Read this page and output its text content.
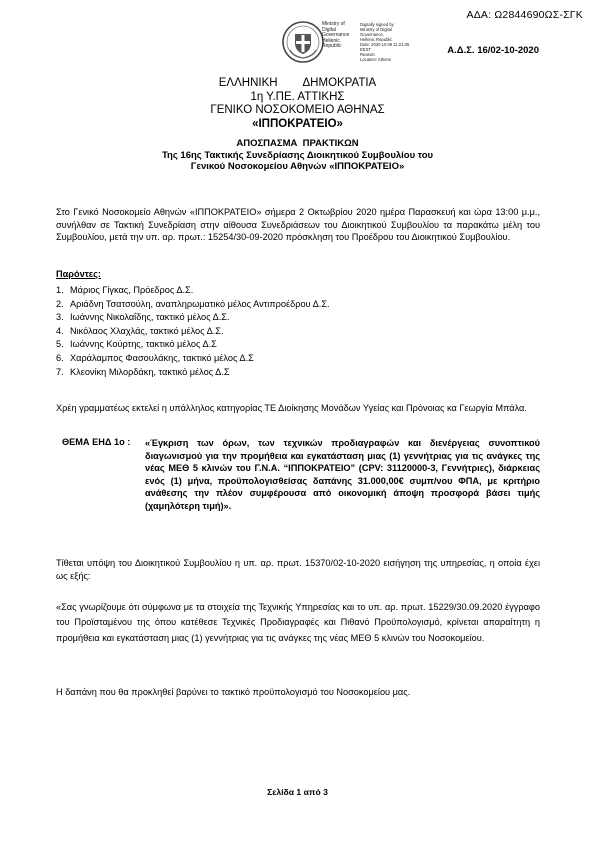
ΑΔΑ: Ω2844690ΩΣ-ΣΓΚ
Ministry of Digital
Governance
Hellenic Republic
Digitally signed by
Ministry of Digital
Governance,
Hellenic Republic
Date: 2020.10.09 11:21:35
EEST
Reason:
Location: Athens
Α.Δ.Σ. 16/02-10-2020
ΕΛΛΗΝΙΚΗ        ΔΗΜΟΚΡΑΤΙΑ
1η Υ.ΠΕ. ΑΤΤΙΚΗΣ
ΓΕΝΙΚΟ ΝΟΣΟΚΟΜΕΙΟ ΑΘΗΝΑΣ
«ΙΠΠΟΚΡΑΤΕΙΟ»
ΑΠΟΣΠΑΣΜΑ  ΠΡΑΚΤΙΚΩΝ
Της 16ης Τακτικής Συνεδρίασης Διοικητικού Συμβουλίου του
Γενικού Νοσοκομείου Αθηνών «ΙΠΠΟΚΡΑΤΕΙΟ»
Στο Γενικό Νοσοκομείο Αθηνών «ΙΠΠΟΚΡΑΤΕΙΟ» σήμερα 2 Οκτωβρίου 2020 ημέρα Παρασκευή και ώρα 13:00 μ.μ., συνήλθαν σε Τακτική Συνεδρίαση στην αίθουσα Συνεδριάσεων του Διοικητικού Συμβουλίου τα παρακάτω μέλη του Συμβουλίου, μετά την υπ. αρ. πρωτ.: 15254/30-09-2020 πρόσκληση του Προέδρου του Διοικητικού Συμβουλίου.
Παρόντες:
1. Μάριος Γίγκας, Πρόεδρος Δ.Σ.
2. Αριάδνη Τσατσούλη, αναπληρωματικό μέλος Αντιπροέδρου Δ.Σ.
3. Ιωάννης Νικολαΐδης, τακτικό μέλος Δ.Σ.
4. Νικόλαος Χλαχλάς, τακτικό μέλος Δ.Σ.
5. Ιωάννης Κούρτης, τακτικό μέλος Δ.Σ
6. Χαράλαμπος Φασουλάκης, τακτικό μέλος Δ.Σ
7. Κλεονίκη Μιλορδάκη, τακτικό μέλος Δ.Σ
Χρέη γραμματέως εκτελεί η υπάλληλος κατηγορίας ΤΕ Διοίκησης Μονάδων Υγείας και Πρόνοιας κα Γεωργία Μπάλα.
ΘΕΜΑ ΕΗΔ 1ο : «Έγκριση των όρων, των τεχνικών προδιαγραφών και διενέργειας συνοπτικού διαγωνισμού για την προμήθεια και εγκατάσταση μιας (1) γεννήτριας για τις ανάγκες της νέας ΜΕΘ 5 κλινών του Γ.Ν.Α. “ΙΠΠΟΚΡΑΤΕΙΟ” (CPV: 31120000-3, Γεννήτριες), διάρκειας ενός (1) μήνα, προϋπολογισθείσας δαπάνης 31.000,00€ συμπ/νου ΦΠΑ, με κριτήριο ανάθεσης την πλέον συμφέρουσα από οικονομική άποψη προσφορά βάσει τιμής (χαμηλότερη τιμή)».
Τίθεται υπόψη του Διοικητικού Συμβουλίου η υπ. αρ. πρωτ. 15370/02-10-2020 εισήγηση της υπηρεσίας, η οποία έχει ως εξής:
«Σας γνωρίζουμε ότι σύμφωνα με τα στοιχεία της Τεχνικής Υπηρεσίας και το υπ. αρ. πρωτ. 15229/30.09.2020 έγγραφο του Προϊσταμένου της όπου κατέθεσε Τεχνικές Προδιαγραφές και Πιθανό Προϋπολογισμό, κρίνεται απαραίτητη η προμήθεια και εγκατάσταση μιας (1) γεννήτριας για τις ανάγκες της νέας ΜΕΘ 5 κλινών του Νοσοκομείου.
Η δαπάνη που θα προκληθεί βαρύνει το τακτικό προϋπολογισμό του Νοσοκομείου μας.
Σελίδα 1 από 3
